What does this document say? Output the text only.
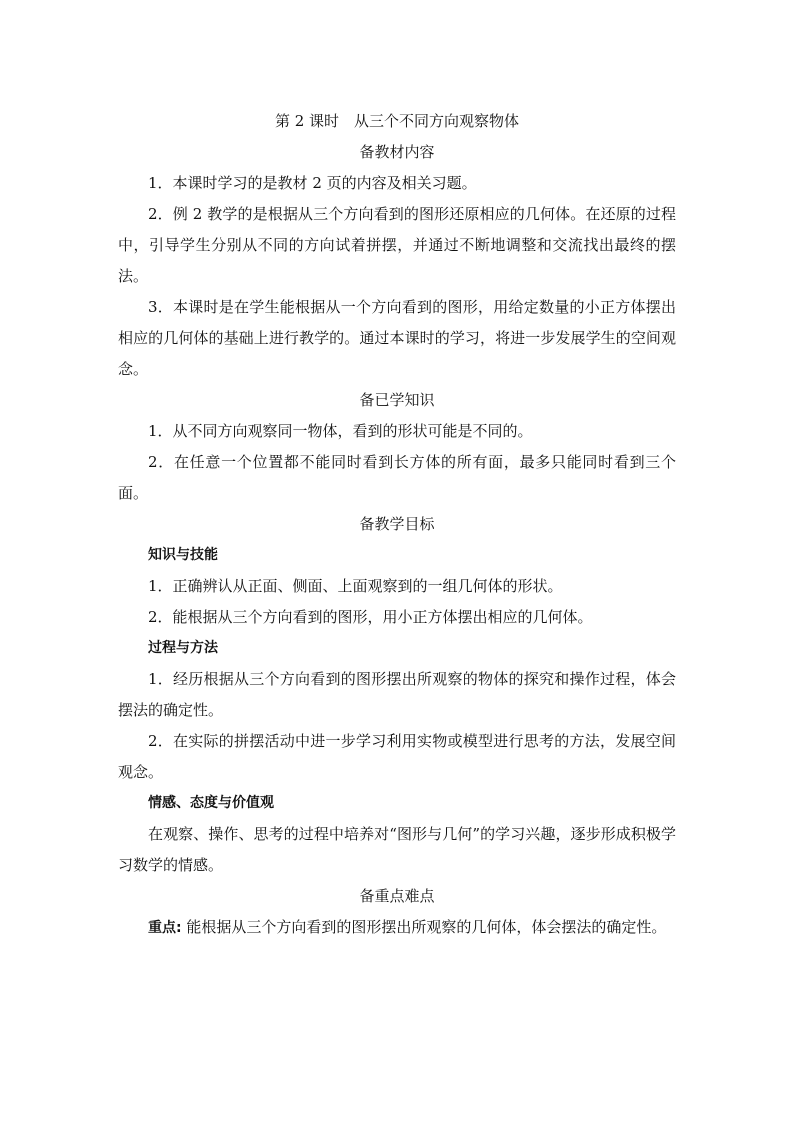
第 2 课时　从三个不同方向观察物体

备教材内容

1．本课时学习的是教材 2 页的内容及相关习题。

2．例 2 教学的是根据从三个方向看到的图形还原相应的几何体。在还原的过程中，引导学生分别从不同的方向试着拼摆，并通过不断地调整和交流找出最终的摆法。

3．本课时是在学生能根据从一个方向看到的图形，用给定数量的小正方体摆出相应的几何体的基础上进行教学的。通过本课时的学习，将进一步发展学生的空间观念。

备已学知识

1．从不同方向观察同一物体，看到的形状可能是不同的。

2．在任意一个位置都不能同时看到长方体的所有面，最多只能同时看到三个面。

备教学目标

知识与技能

1．正确辨认从正面、侧面、上面观察到的一组几何体的形状。

2．能根据从三个方向看到的图形，用小正方体摆出相应的几何体。

过程与方法

1．经历根据从三个方向看到的图形摆出所观察的物体的探究和操作过程，体会摆法的确定性。

2．在实际的拼摆活动中进一步学习利用实物或模型进行思考的方法，发展空间观念。

情感、态度与价值观

在观察、操作、思考的过程中培养对“图形与几何”的学习兴趣，逐步形成积极学习数学的情感。

备重点难点

重点: 能根据从三个方向看到的图形摆出所观察的几何体，体会摆法的确定性。
